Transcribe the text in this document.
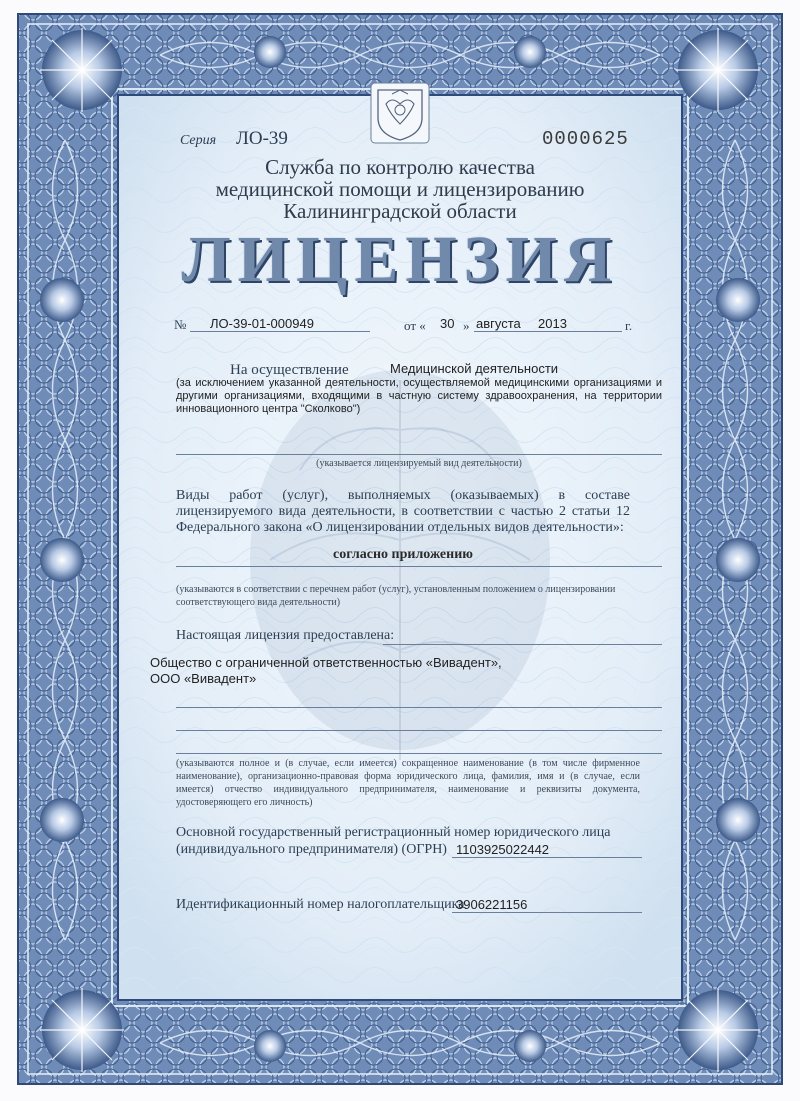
Серия ЛО-39	0000625
Служба по контролю качества
медицинской помощи и лицензированию
Калининградской области
ЛИЦЕНЗИЯ
№ ЛО-39-01-000949	от « 30 » августа 2013	г.
На осуществление	Медицинской деятельности
(за исключением указанной деятельности, осуществляемой медицинскими организациями и другими организациями, входящими в частную систему здравоохранения, на территории инновационного центра "Сколково")
(указывается лицензируемый вид деятельности)
Виды работ (услуг), выполняемых (оказываемых) в составе лицензируемого вида деятельности, в соответствии с частью 2 статьи 12 Федерального закона «О лицензировании отдельных видов деятельности»:
согласно приложению
(указываются в соответствии с перечнем работ (услуг), установленным положением о лицензировании соответствующего вида деятельности)
Настоящая лицензия предоставлена:
Общество с ограниченной ответственностью «Вивадент»,
ООО «Вивадент»
(указываются полное и (в случае, если имеется) сокращенное наименование (в том числе фирменное наименование), организационно-правовая форма юридического лица, фамилия, имя и (в случае, если имеется) отчество индивидуального предпринимателя, наименование и реквизиты документа, удостоверяющего его личность)
Основной государственный регистрационный номер юридического лица
(индивидуального предпринимателя) (ОГРН) 1103925022442
Идентификационный номер налогоплательщика
3906221156
